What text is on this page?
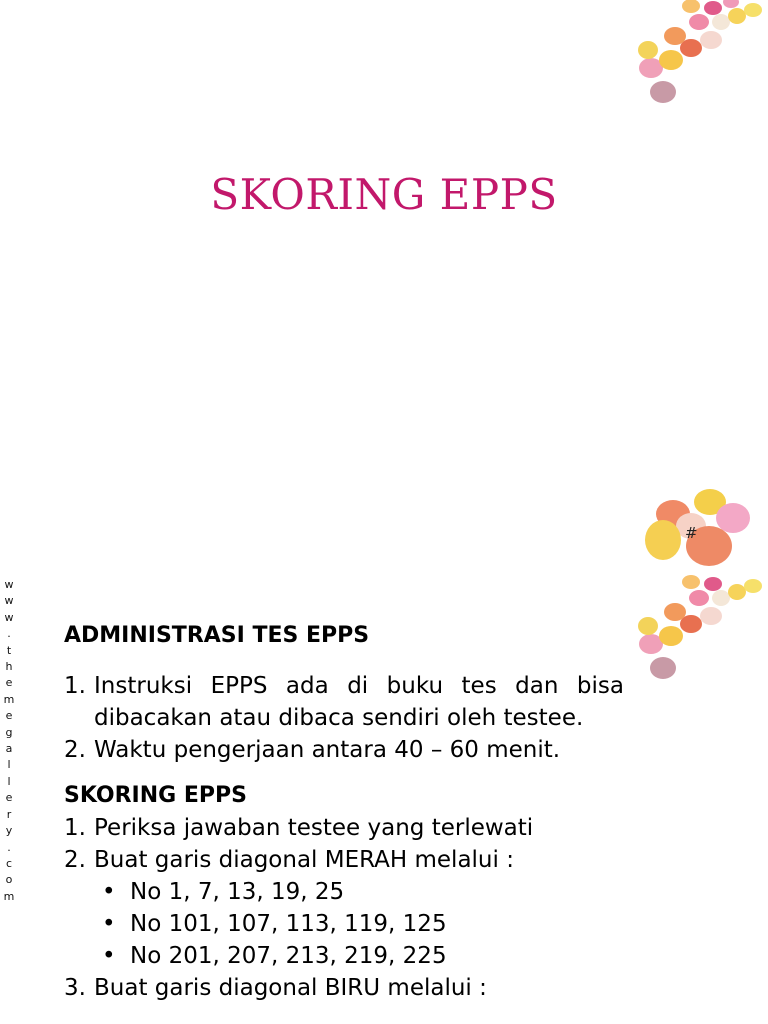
SKORING EPPS
#
w
w
w
.
t
h
e
m
e
g
a
l
l
e
r
y
.
c
o
m
ADMINISTRASI TES EPPS
1. Instruksi EPPS ada di buku tes dan bisa dibacakan atau dibaca sendiri oleh testee.
2. Waktu pengerjaan antara 40 – 60 menit.
SKORING EPPS
1. Periksa jawaban testee yang terlewati
2. Buat garis diagonal MERAH melalui :
• No 1, 7, 13, 19, 25
• No 101, 107, 113, 119, 125
• No 201, 207, 213, 219, 225
3. Buat garis diagonal BIRU melalui :
